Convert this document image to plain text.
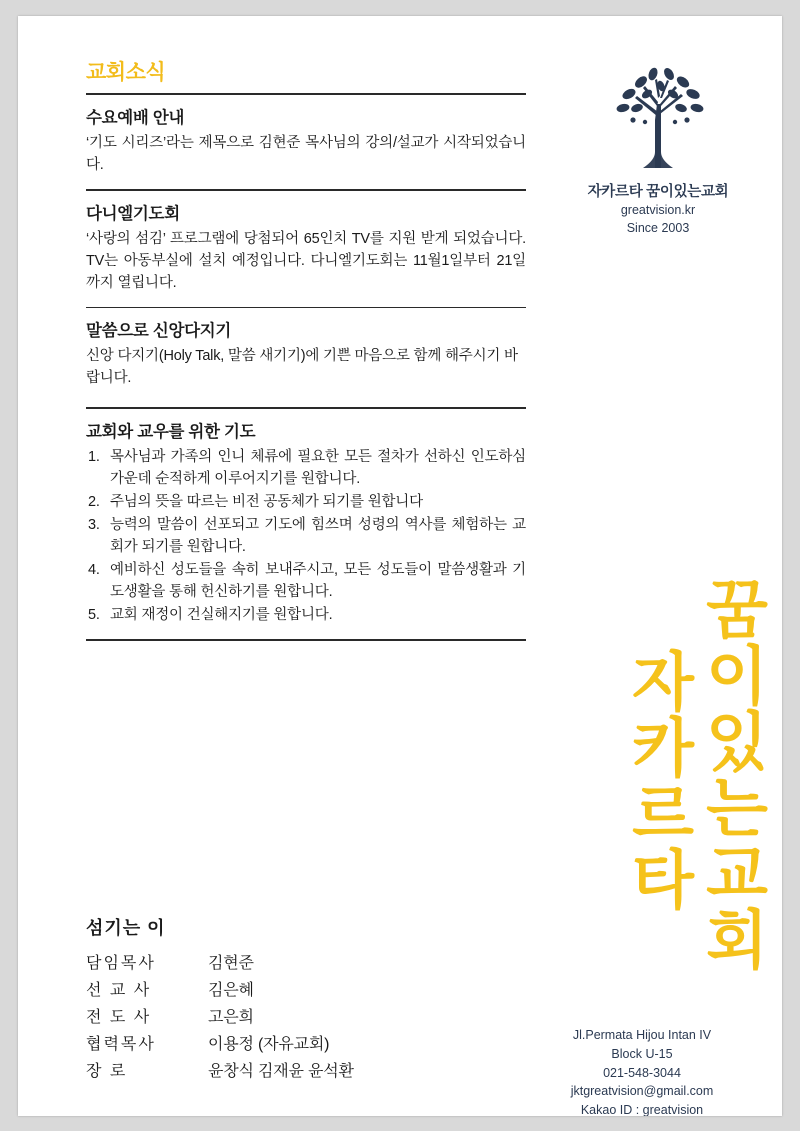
교회소식
수요예배 안내

‘기도 시리즈’라는 제목으로 김현준 목사님의 강의/설교가 시작되었습니다.

다니엘기도회

‘사랑의 섬김’ 프로그램에 당첨되어 65인치 TV를 지원 받게 되었습니다. TV는 아동부실에 설치 예정입니다. 다니엘기도회는 11월1일부터 21일까지 열립니다.

말씀으로 신앙다지기

신앙 다지기(Holy Talk, 말씀 새기기)에 기쁜 마음으로 함께 해주시기 바랍니다.

교회와 교우를 위한 기도
목사님과 가족의 인니 체류에 필요한 모든 절차가 선하신 인도하심 가운데 순적하게 이루어지기를 원합니다.
주님의 뜻을 따르는 비전 공동체가 되기를 원합니다
능력의 말씀이 선포되고 기도에 힘쓰며 성령의 역사를 체험하는 교회가 되기를 원합니다.
예비하신 성도들을 속히 보내주시고, 모든 성도들이 말씀생활과 기도생활을 통해 헌신하기를 원합니다.
교회 재정이 건실해지기를 원합니다.
섬기는 이
담임목사	김현준
선 교 사	김은혜
전 도 사	고은희
협력목사	이용정 (자유교회)
장 로	윤창식 김재윤 윤석환
자카르타 꿈이있는교회
greatvision.kr
Since 2003
꿈이있는교회
자카르타
Jl.Permata Hijou Intan IV
Block U-15
021-548-3044
jktgreatvision@gmail.com
Kakao ID : greatvision
